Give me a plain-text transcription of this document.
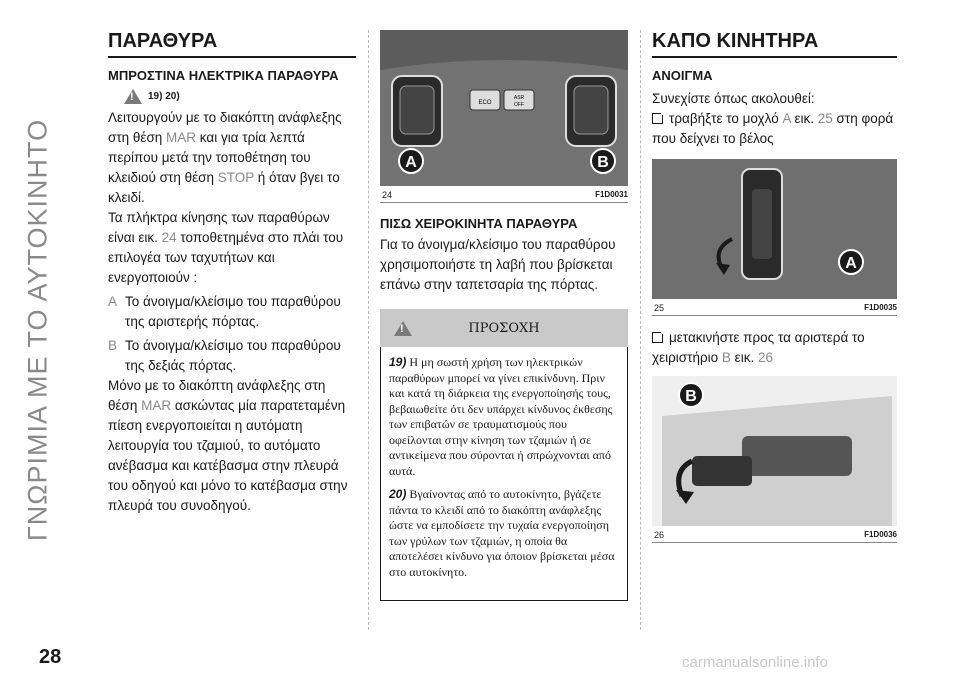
ΓΝΩΡΙΜΙΑ ΜΕ ΤΟ ΑΥΤΟΚΙΝΗΤΟ
28	carmanualsonline.info
ΠΑΡΑΘΥΡΑ
ΜΠΡΟΣΤΙΝΑ ΗΛΕΚΤΡΙΚΑ ΠΑΡΑΘΥΡΑ
!
19) 20)
Λειτουργούν με το διακόπτη ανάφλεξης στη θέση MAR και για τρία λεπτά περίπου μετά την τοποθέτηση του κλειδιού στη θέση STOP ή όταν βγει το κλειδί.
Τα πλήκτρα κίνησης των παραθύρων είναι εικ. 24 τοποθετημένα στο πλάι του επιλογέα των ταχυτήτων και ενεργοποιούν :
A Το άνοιγμα/κλείσιμο του παραθύρου της αριστερής πόρτας.
B Το άνοιγμα/κλείσιμο του παραθύρου της δεξιάς πόρτας.
Μόνο με το διακόπτη ανάφλεξης στη θέση MAR ασκώντας μία παρατεταμένη πίεση ενεργοποιείται η αυτόματη λειτουργία του τζαμιού, το αυτόματο ανέβασμα και κατέβασμα στην πλευρά του οδηγού και μόνο το κατέβασμα στην πλευρά του συνοδηγού.
ECO
ASR
OFF
A	B
24	F1D0031
ΠΙΣΩ ΧΕΙΡΟΚΙΝΗΤΑ ΠΑΡΑΘΥΡΑ
Για το άνοιγμα/κλείσιμο του παραθύρου χρησιμοποιήστε τη λαβή που βρίσκεται επάνω στην ταπετσαρία της πόρτας.
!
ΠΡΟΣΟΧΗ

19) Η μη σωστή χρήση των ηλεκτρικών παραθύρων μπορεί να γίνει επικίνδυνη. Πριν και κατά τη διάρκεια της ενεργοποίησής τους, βεβαιωθείτε ότι δεν υπάρχει κίνδυνος έκθεσης των επιβατών σε τραυματισμούς που οφείλονται στην κίνηση των τζαμιών ή σε αντικείμενα που σύρονται ή σπρώχνονται από αυτά.

20) Βγαίνοντας από το αυτοκίνητο, βγάζετε πάντα το κλειδί από το διακόπτη ανάφλεξης ώστε να εμποδίσετε την τυχαία ενεργοποίηση των γρύλων των τζαμιών, η οποία θα αποτελέσει κίνδυνο για όποιον βρίσκεται μέσα στο αυτοκίνητο.

ΚΑΠΟ ΚΙΝΗΤΗΡΑ
ΑΝΟΙΓΜΑ
Συνεχίστε όπως ακολουθεί:
τραβήξτε το μοχλό A εικ. 25 στη φορά που δείχνει το βέλος
A
25	F1D0035
μετακινήστε προς τα αριστερά το χειριστήριο B εικ. 26
B
26	F1D0036
